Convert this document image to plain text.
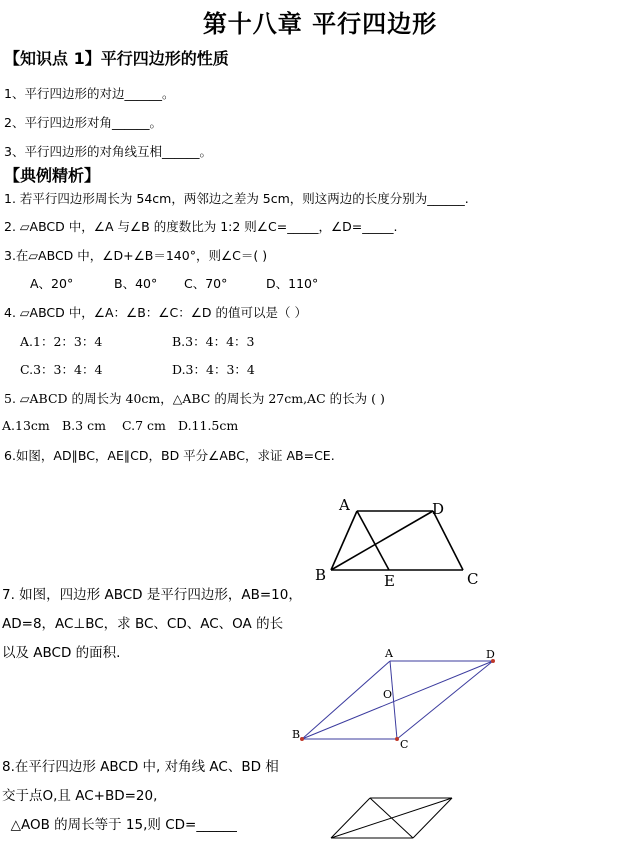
第十八章 平行四边形
【知识点 1】平行四边形的性质
1、平行四边形的对边______。
2、平行四边形对角______。
3、平行四边形的对角线互相______。
【典例精析】
1. 若平行四边形周长为 54cm，两邻边之差为 5cm，则这两边的长度分别为______.
2. ▱ABCD 中，∠A 与∠B 的度数比为 1:2 则∠C=_____，∠D=_____.
3.在▱ABCD 中，∠D+∠B＝140°，则∠C＝( )
A、20°	B、40° C、70°	D、110°
4. ▱ABCD 中，∠A：∠B：∠C：∠D 的值可以是（ ）
A.1：2：3：4	B.3：4：4：3
C.3：3：4：4	D.3：4：3：4
5. ▱ABCD 的周长为 40cm，△ABC 的周长为 27cm,AC 的长为 ( )
A.13cm B.3 cm C.7 cm D.11.5cm
6.如图，AD∥BC，AE∥CD，BD 平分∠ABC，求证 AB=CE.
A	D
B	E	C
7. 如图，四边形 ABCD 是平行四边形，AB=10，
AD=8，AC⊥BC，求 BC、CD、AC、OA 的长
以及 ABCD 的面积.	A	D
O
B
C
8.在平行四边形 ABCD 中, 对角线 AC、BD 相
交于点O,且 AC+BD=20,
△AOB 的周长等于 15,则 CD=______
